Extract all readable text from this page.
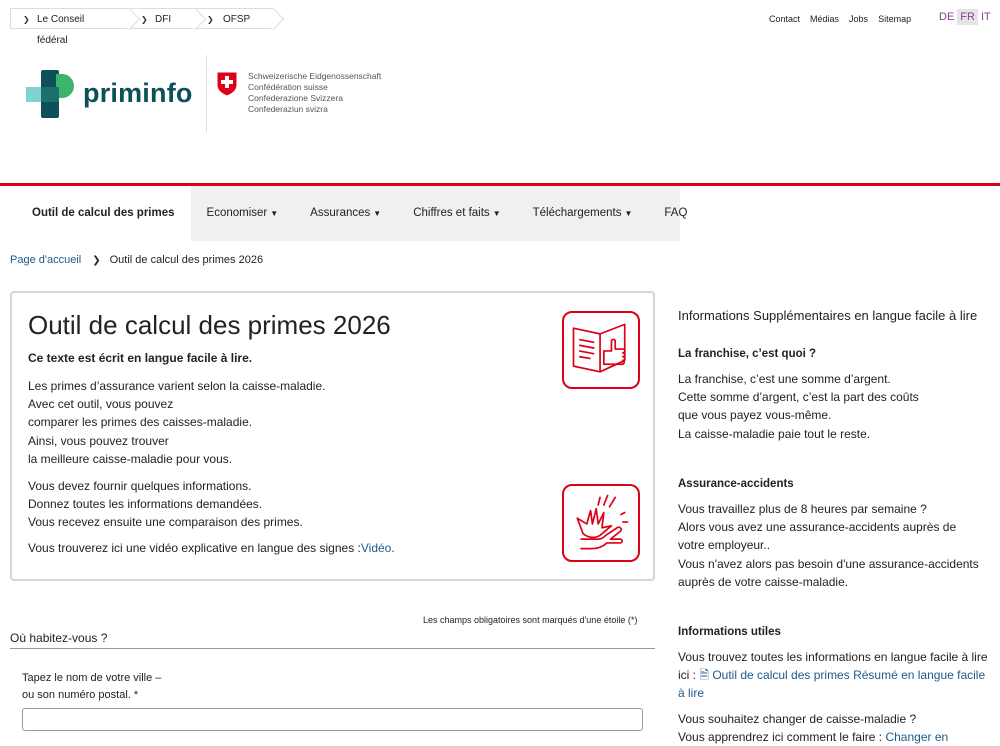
❯ Le Conseil fédéral
❯ DFI	❯ OFSP	Contact Médias Jobs Sitemap	DE FR IT
priminfo
Schweizerische Eidgenossenschaft
Confédération suisse
Confederazione Svizzera
Confederaziun svizra
Outil de calcul des primes	Economiser ▼	Assurances ▼	Chiffres et faits ▼	Téléchargements ▼	FAQ
Page d'accueil ❯ Outil de calcul des primes 2026
Outil de calcul des primes 2026
Ce texte est écrit en langue facile à lire.
Les primes d’assurance varient selon la caisse-maladie.
Avec cet outil, vous pouvez
comparer les primes des caisses-maladie.
Ainsi, vous pouvez trouver
la meilleure caisse-maladie pour vous.
Vous devez fournir quelques informations.
Donnez toutes les informations demandées.
Vous recevez ensuite une comparaison des primes.
Vous trouverez ici une vidéo explicative en langue des signes :Vidéo.
Les champs obligatoires sont marqués d'une étoile (*)
Où habitez-vous ?
Tapez le nom de votre ville –
ou son numéro postal. *
Informations Supplémentaires en langue facile à lire
La franchise, c’est quoi ?
La franchise, c’est une somme d’argent.
Cette somme d’argent, c’est la part des coûts
que vous payez vous-même.
La caisse-maladie paie tout le reste.
Assurance-accidents
Vous travaillez plus de 8 heures par semaine ?
Alors vous avez une assurance-accidents auprès de
votre employeur..
Vous n'avez alors pas besoin d'une assurance-accidents
auprès de votre caisse-maladie.
Informations utiles
Vous trouvez toutes les informations en langue facile à lire ici : 🗎 Outil de calcul des primes Résumé en langue facile à lire
Vous souhaitez changer de caisse-maladie ?
Vous apprendrez ici comment le faire : Changer en
